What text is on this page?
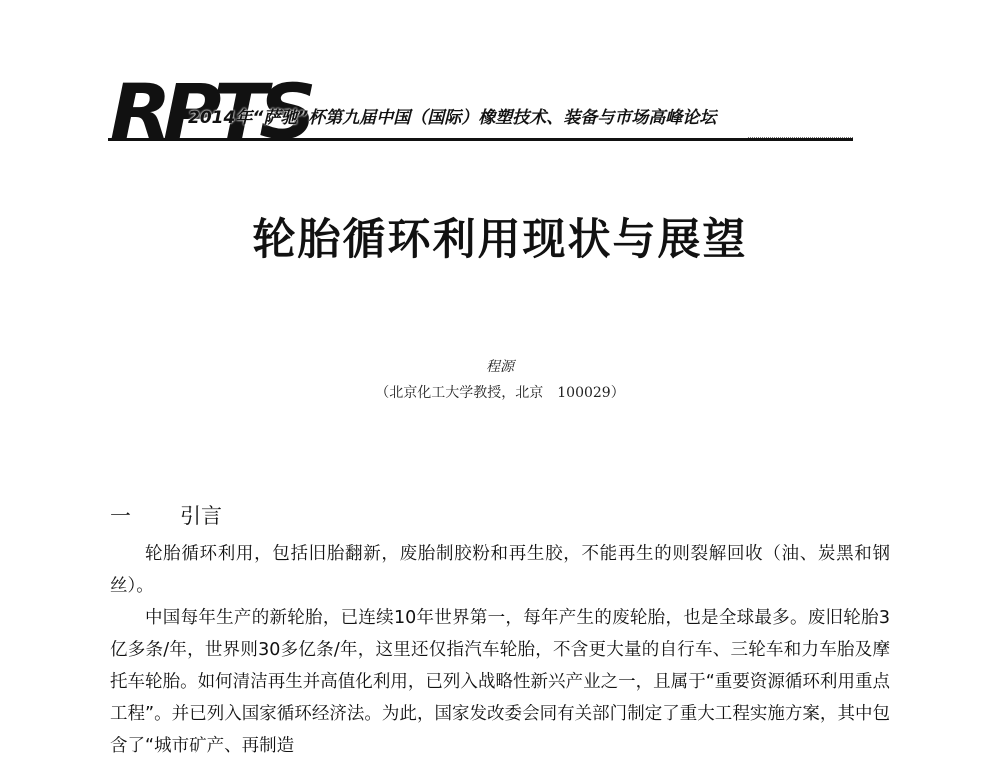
RPTS
2014年“萨驰”杯第九届中国（国际）橡塑技术、装备与市场高峰论坛
轮胎循环利用现状与展望
程源
（北京化工大学教授，北京　100029）
一 引言

轮胎循环利用，包括旧胎翻新，废胎制胶粉和再生胶，不能再生的则裂解回收（油、炭黑和钢丝）。

中国每年生产的新轮胎，已连续10年世界第一，每年产生的废轮胎，也是全球最多。废旧轮胎3亿多条/年，世界则30多亿条/年，这里还仅指汽车轮胎，不含更大量的自行车、三轮车和力车胎及摩托车轮胎。如何清洁再生并高值化利用，已列入战略性新兴产业之一，且属于“重要资源循环利用重点工程”。并已列入国家循环经济法。为此，国家发改委会同有关部门制定了重大工程实施方案，其中包含了“城市矿产、再制造
